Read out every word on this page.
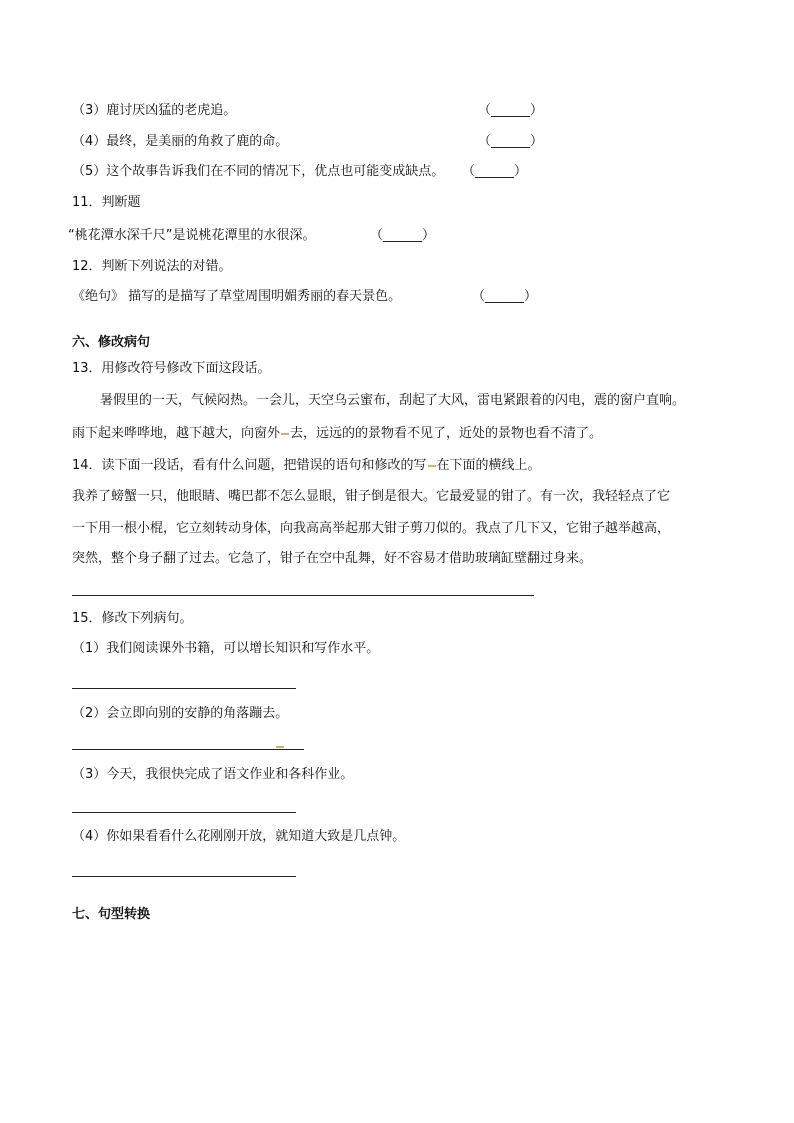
（3）鹿讨厌凶猛的老虎追。	（______）
（4）最终，是美丽的角救了鹿的命。	（______）
（5）这个故事告诉我们在不同的情况下，优点也可能变成缺点。 （______）
11．判断题
“桃花潭水深千尺”是说桃花潭里的水很深。	（______）
12．判断下列说法的对错。
《绝句》 描写的是描写了草堂周围明媚秀丽的春天景色。	（______）
六、修改病句
13．用修改符号修改下面这段话。
暑假里的一天，气候闷热。一会儿，天空乌云蜜布，刮起了大风，雷电紧跟着的闪电，震的窗户直响。
雨下起来哗哗地，越下越大，向窗外 去，远远的的景物看不见了，近处的景物也看不清了。
14．读下面一段话，看有什么问题，把错误的语句和修改的写 在下面的横线上。
我养了螃蟹一只，他眼睛、嘴巴都不怎么显眼，钳子倒是很大。它最爱显的钳了。有一次，我轻轻点了它
一下用一根小棍，它立刻转动身体，向我高高举起那大钳子剪刀似的。我点了几下又，它钳子越举越高，
突然，整个身子翻了过去。它急了，钳子在空中乱舞，好不容易才借助玻璃缸壁翻过身来。
15．修改下列病句。
（1）我们阅读课外书籍，可以增长知识和写作水平。
（2）会立即向别的安静的角落蹦去。
（3）今天，我很快完成了语文作业和各科作业。
（4）你如果看看什么花刚刚开放，就知道大致是几点钟。
七、句型转换
